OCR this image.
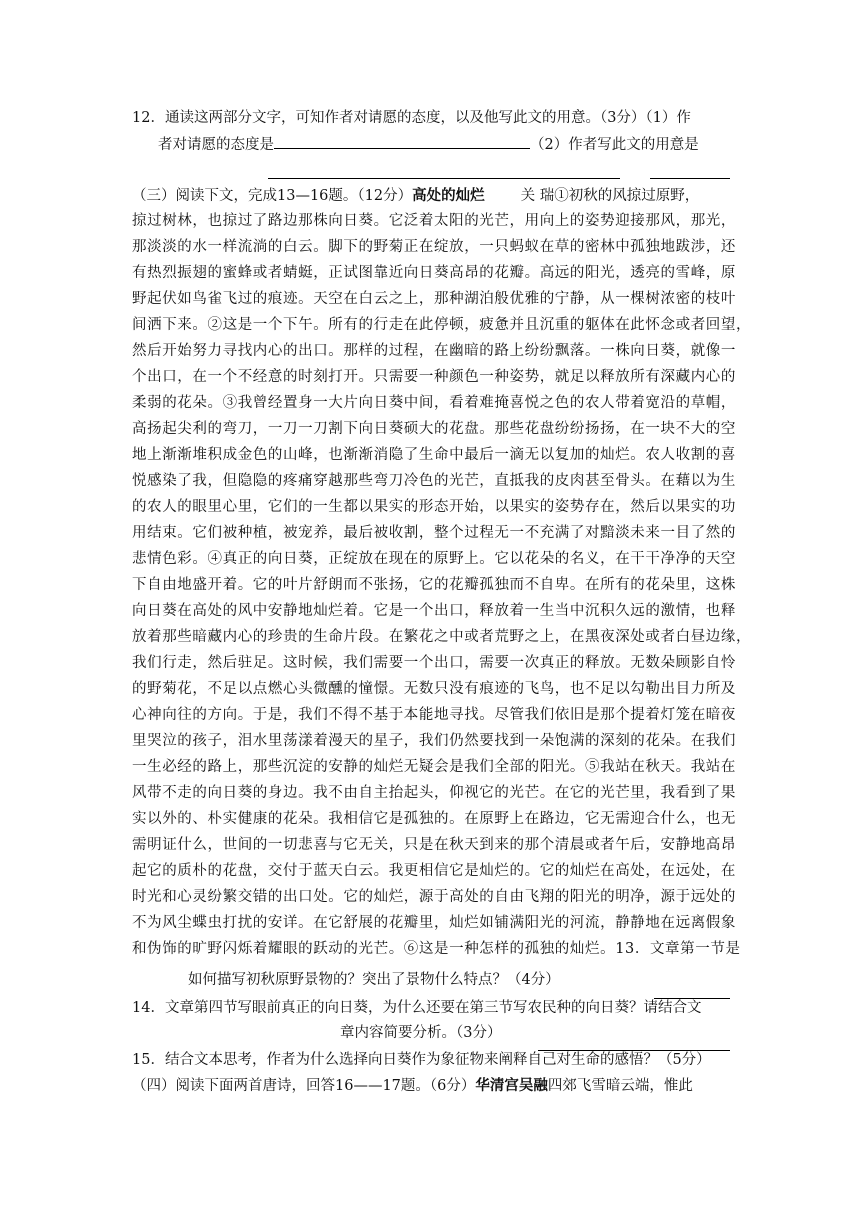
12．通读这两部分文字，可知作者对请愿的态度，以及他写此文的用意。（3分）（1）作
者对请愿的态度是	（2）作者写此文的用意是
（三）阅读下文，完成13—16题。（12分）高处的灿烂 关 瑞①初秋的风掠过原野，
掠过树林，也掠过了路边那株向日葵。它泛着太阳的光芒，用向上的姿势迎接那风，那光，
那淡淡的水一样流淌的白云。脚下的野菊正在绽放，一只蚂蚁在草的密林中孤独地跋涉，还
有热烈振翅的蜜蜂或者蜻蜓，正试图靠近向日葵高昂的花瓣。高远的阳光，透亮的雪峰，原
野起伏如鸟雀飞过的痕迹。天空在白云之上，那种湖泊般优雅的宁静，从一棵树浓密的枝叶
间洒下来。②这是一个下午。所有的行走在此停顿，疲惫并且沉重的躯体在此怀念或者回望，
然后开始努力寻找内心的出口。那样的过程，在幽暗的路上纷纷飘落。一株向日葵，就像一
个出口，在一个不经意的时刻打开。只需要一种颜色一种姿势，就足以释放所有深藏内心的
柔弱的花朵。③我曾经置身一大片向日葵中间，看着难掩喜悦之色的农人带着宽沿的草帽，
高扬起尖利的弯刀，一刀一刀割下向日葵硕大的花盘。那些花盘纷纷扬扬，在一块不大的空
地上渐渐堆积成金色的山峰，也渐渐消隐了生命中最后一滴无以复加的灿烂。农人收割的喜
悦感染了我，但隐隐的疼痛穿越那些弯刀冷色的光芒，直抵我的皮肉甚至骨头。在藉以为生
的农人的眼里心里，它们的一生都以果实的形态开始，以果实的姿势存在，然后以果实的功
用结束。它们被种植，被宠养，最后被收割，整个过程无一不充满了对黯淡未来一目了然的
悲情色彩。④真正的向日葵，正绽放在现在的原野上。它以花朵的名义，在干干净净的天空
下自由地盛开着。它的叶片舒朗而不张扬，它的花瓣孤独而不自卑。在所有的花朵里，这株
向日葵在高处的风中安静地灿烂着。它是一个出口，释放着一生当中沉积久远的激情，也释
放着那些暗藏内心的珍贵的生命片段。在繁花之中或者荒野之上，在黑夜深处或者白昼边缘，
我们行走，然后驻足。这时候，我们需要一个出口，需要一次真正的释放。无数朵顾影自怜
的野菊花，不足以点燃心头微醺的憧憬。无数只没有痕迹的飞鸟，也不足以勾勒出目力所及
心神向往的方向。于是，我们不得不基于本能地寻找。尽管我们依旧是那个提着灯笼在暗夜
里哭泣的孩子，泪水里荡漾着漫天的星子，我们仍然要找到一朵饱满的深刻的花朵。在我们
一生必经的路上，那些沉淀的安静的灿烂无疑会是我们全部的阳光。⑤我站在秋天。我站在
风带不走的向日葵的身边。我不由自主抬起头，仰视它的光芒。在它的光芒里，我看到了果
实以外的、朴实健康的花朵。我相信它是孤独的。在原野上在路边，它无需迎合什么，也无
需明证什么，世间的一切悲喜与它无关，只是在秋天到来的那个清晨或者午后，安静地高昂
起它的质朴的花盘，交付于蓝天白云。我更相信它是灿烂的。它的灿烂在高处，在远处，在
时光和心灵纷繁交错的出口处。它的灿烂，源于高处的自由飞翔的阳光的明净，源于远处的
不为风尘蝶虫打扰的安详。在它舒展的花瓣里，灿烂如铺满阳光的河流，静静地在远离假象
和伪饰的旷野闪烁着耀眼的跃动的光芒。⑥这是一种怎样的孤独的灿烂。13．文章第一节是
如何描写初秋原野景物的？突出了景物什么特点？（4分）
14．文章第四节写眼前真正的向日葵，为什么还要在第三节写农民种的向日葵？请结合文
章内容简要分析。（3分）
15．结合文本思考，作者为什么选择向日葵作为象征物来阐释自己对生命的感悟？（5分）
（四）阅读下面两首唐诗，回答16——17题。（6分）华清宫吴融四郊飞雪暗云端，惟此
